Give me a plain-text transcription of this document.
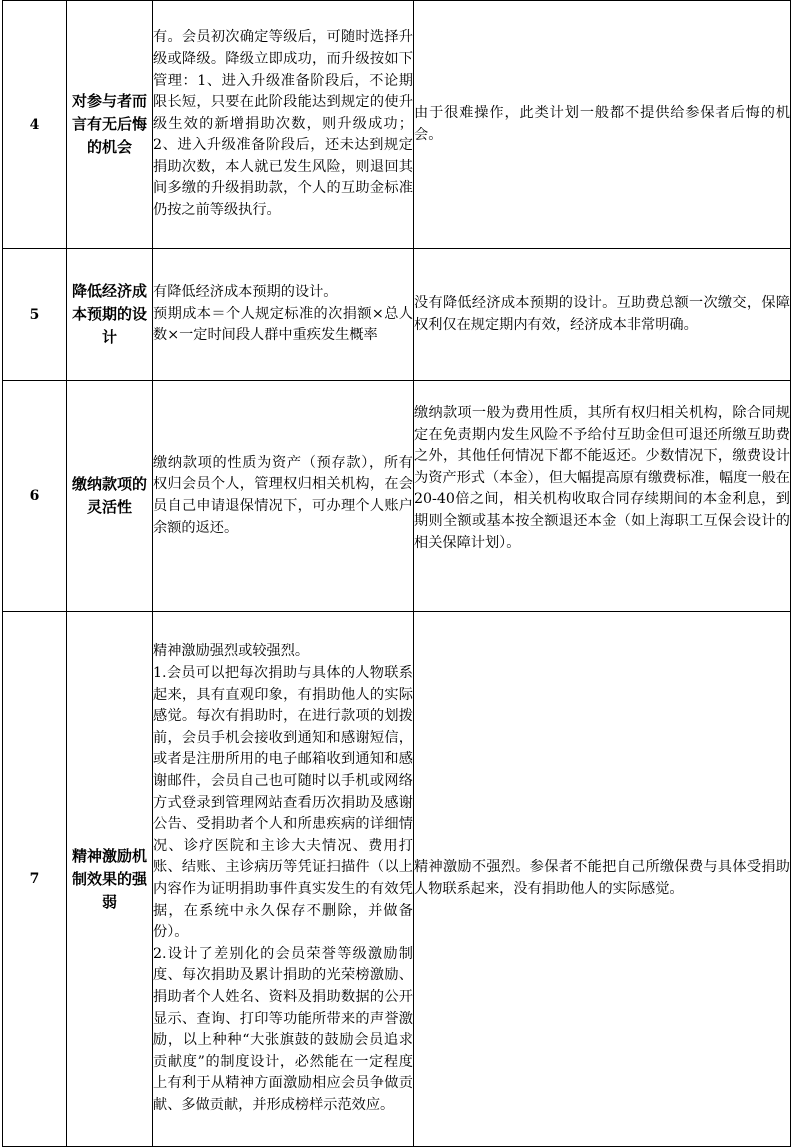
4	对参与者而言有无后悔的机会	有。会员初次确定等级后，可随时选择升级或降级。降级立即成功，而升级按如下管理：1、进入升级准备阶段后，不论期限长短，只要在此阶段能达到规定的使升级生效的新增捐助次数，则升级成功；2、进入升级准备阶段后，还未达到规定捐助次数，本人就已发生风险，则退回其间多缴的升级捐助款，个人的互助金标准仍按之前等级执行。	由于很难操作，此类计划一般都不提供给参保者后悔的机会。

5	降低经济成本预期的设计	有降低经济成本预期的设计。

预期成本＝个人规定标准的次捐额×总人数×一定时间段人群中重疾发生概率	没有降低经济成本预期的设计。互助费总额一次缴交，保障权利仅在规定期内有效，经济成本非常明确。

6	缴纳款项的灵活性	缴纳款项的性质为资产（预存款），所有权归会员个人，管理权归相关机构，在会员自己申请退保情况下，可办理个人账户余额的返还。	缴纳款项一般为费用性质，其所有权归相关机构，除合同规定在免责期内发生风险不予给付互助金但可退还所缴互助费之外，其他任何情况下都不能返还。少数情况下，缴费设计为资产形式（本金），但大幅提高原有缴费标准，幅度一般在20-40倍之间，相关机构收取合同存续期间的本金利息，到期则全额或基本按全额退还本金（如上海职工互保会设计的相关保障计划）。

7	精神激励机制效果的强弱	精神激励强烈或较强烈。

1.会员可以把每次捐助与具体的人物联系起来，具有直观印象，有捐助他人的实际感觉。每次有捐助时，在进行款项的划拨前，会员手机会接收到通知和感谢短信，或者是注册所用的电子邮箱收到通知和感谢邮件，会员自己也可随时以手机或网络方式登录到管理网站查看历次捐助及感谢公告、受捐助者个人和所患疾病的详细情况、诊疗医院和主诊大夫情况、费用打账、结账、主诊病历等凭证扫描件（以上内容作为证明捐助事件真实发生的有效凭据，在系统中永久保存不删除，并做备份）。

2.设计了差别化的会员荣誉等级激励制度、每次捐助及累计捐助的光荣榜激励、捐助者个人姓名、资料及捐助数据的公开显示、查询、打印等功能所带来的声誉激励，以上种种“大张旗鼓的鼓励会员追求贡献度”的制度设计，必然能在一定程度上有利于从精神方面激励相应会员争做贡献、多做贡献，并形成榜样示范效应。	精神激励不强烈。参保者不能把自己所缴保费与具体受捐助人物联系起来，没有捐助他人的实际感觉。
